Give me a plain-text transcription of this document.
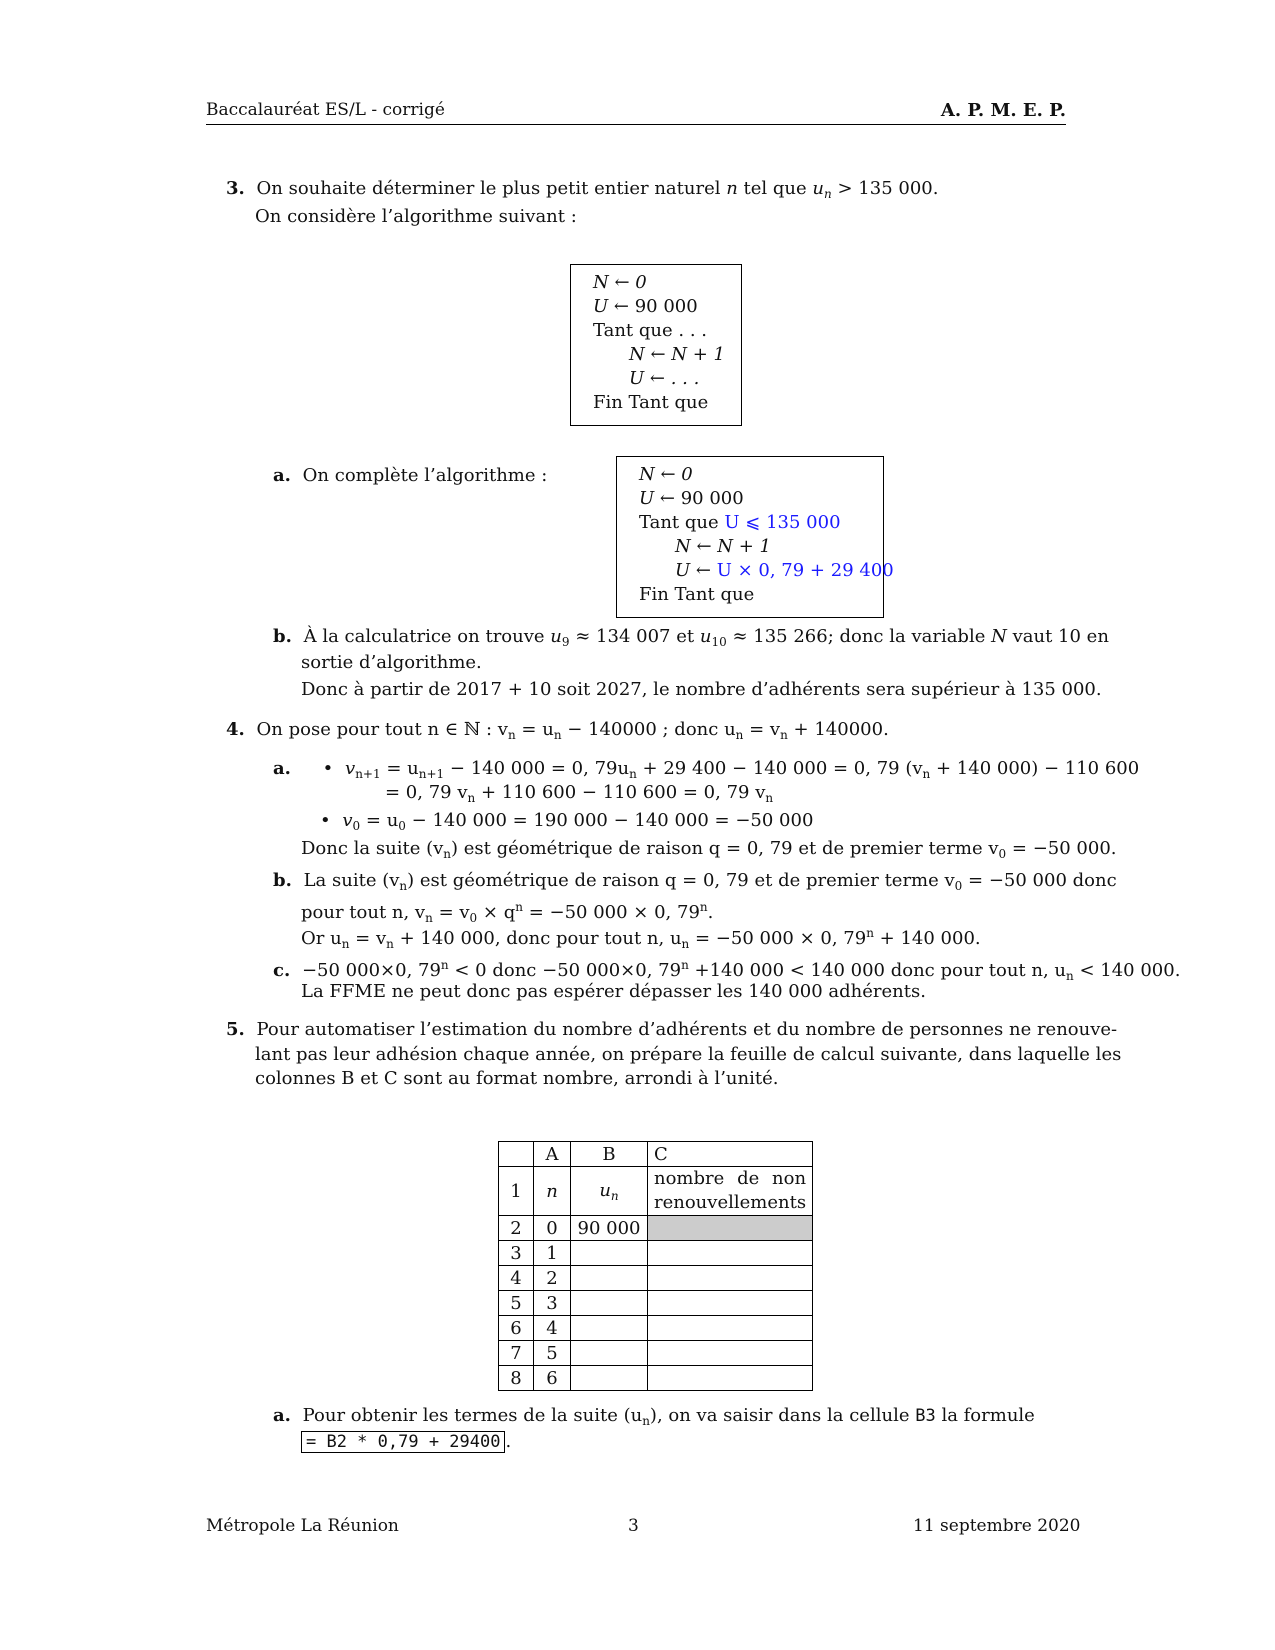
Baccalauréat ES/L - corrigé	A. P. M. E. P.
3. On souhaite déterminer le plus petit entier naturel n tel que $u_n > 135$ 000.
On considère l’algorithme suivant :
N ← 0
U ← 90 000
Tant que . . .
N ← N + 1
U ← . . .
Fin Tant que
a. On complète l’algorithme :	N ← 0
U ← 90 000
Tant que U ⩽ 135 000
N ← N + 1
U ← U × 0, 79 + 29 400
Fin Tant que
b. À la calculatrice on trouve $u_9 \approx 134$ 007 et $u_{10} \approx 135$ 266; donc la variable N vaut 10 en
sortie d’algorithme.
Donc à partir de 2017 + 10 soit 2027, le nombre d’adhérents sera supérieur à 135 000.
4. On pose pour tout n ∈ ℕ : $v_n = u_n - 140000$ ; donc $u_n = v_n + 140000$.
a. • $v_{n+1} = u_{n+1} - 140$ 000 = 0, $79u_n + 29$ 400 − 140 000 = 0, 79 ($v_n + 140$ 000) − 110 600
= 0, 79 $v_n + 110$ 600 − 110 600 = 0, 79 $v_n$
• $v_0 = u_0 - 140$ 000 = 190 000 − 140 000 = −50 000
Donc la suite $(v_n)$ est géométrique de raison q = 0, 79 et de premier terme $v_0 = -50$ 000.
b. La suite $(v_n)$ est géométrique de raison q = 0, 79 et de premier terme $v_0 = -50$ 000 donc
pour tout n, $v_n = v_0 \times q^n = -50$ 000 × 0, 79$^n$.
Or $u_n = v_n + 140$ 000, donc pour tout n, $u_n = -50$ 000 × 0, $79^n + 140$ 000.
c. −50 000×0, $79^n < 0$ donc −50 000×0, $79^n +140$ 000 < 140 000 donc pour tout n, $u_n < 140$ 000.
La FFME ne peut donc pas espérer dépasser les 140 000 adhérents.
5. Pour automatiser l’estimation du nombre d’adhérents et du nombre de personnes ne renouve-
lant pas leur adhésion chaque année, on prépare la feuille de calcul suivante, dans laquelle les
colonnes B et C sont au format nombre, arrondi à l’unité.
	A	B	C
1	n	$u_n$	nombre de non
renouvellements

2	0	90 000	
3	1		
4	2		
5	3		
6	4		
7	5		
8	6		
a. Pour obtenir les termes de la suite $(u_n)$, on va saisir dans la cellule B3 la formule
= B2 * 0,79 + 29400 .
Métropole La Réunion	3	11 septembre 2020
